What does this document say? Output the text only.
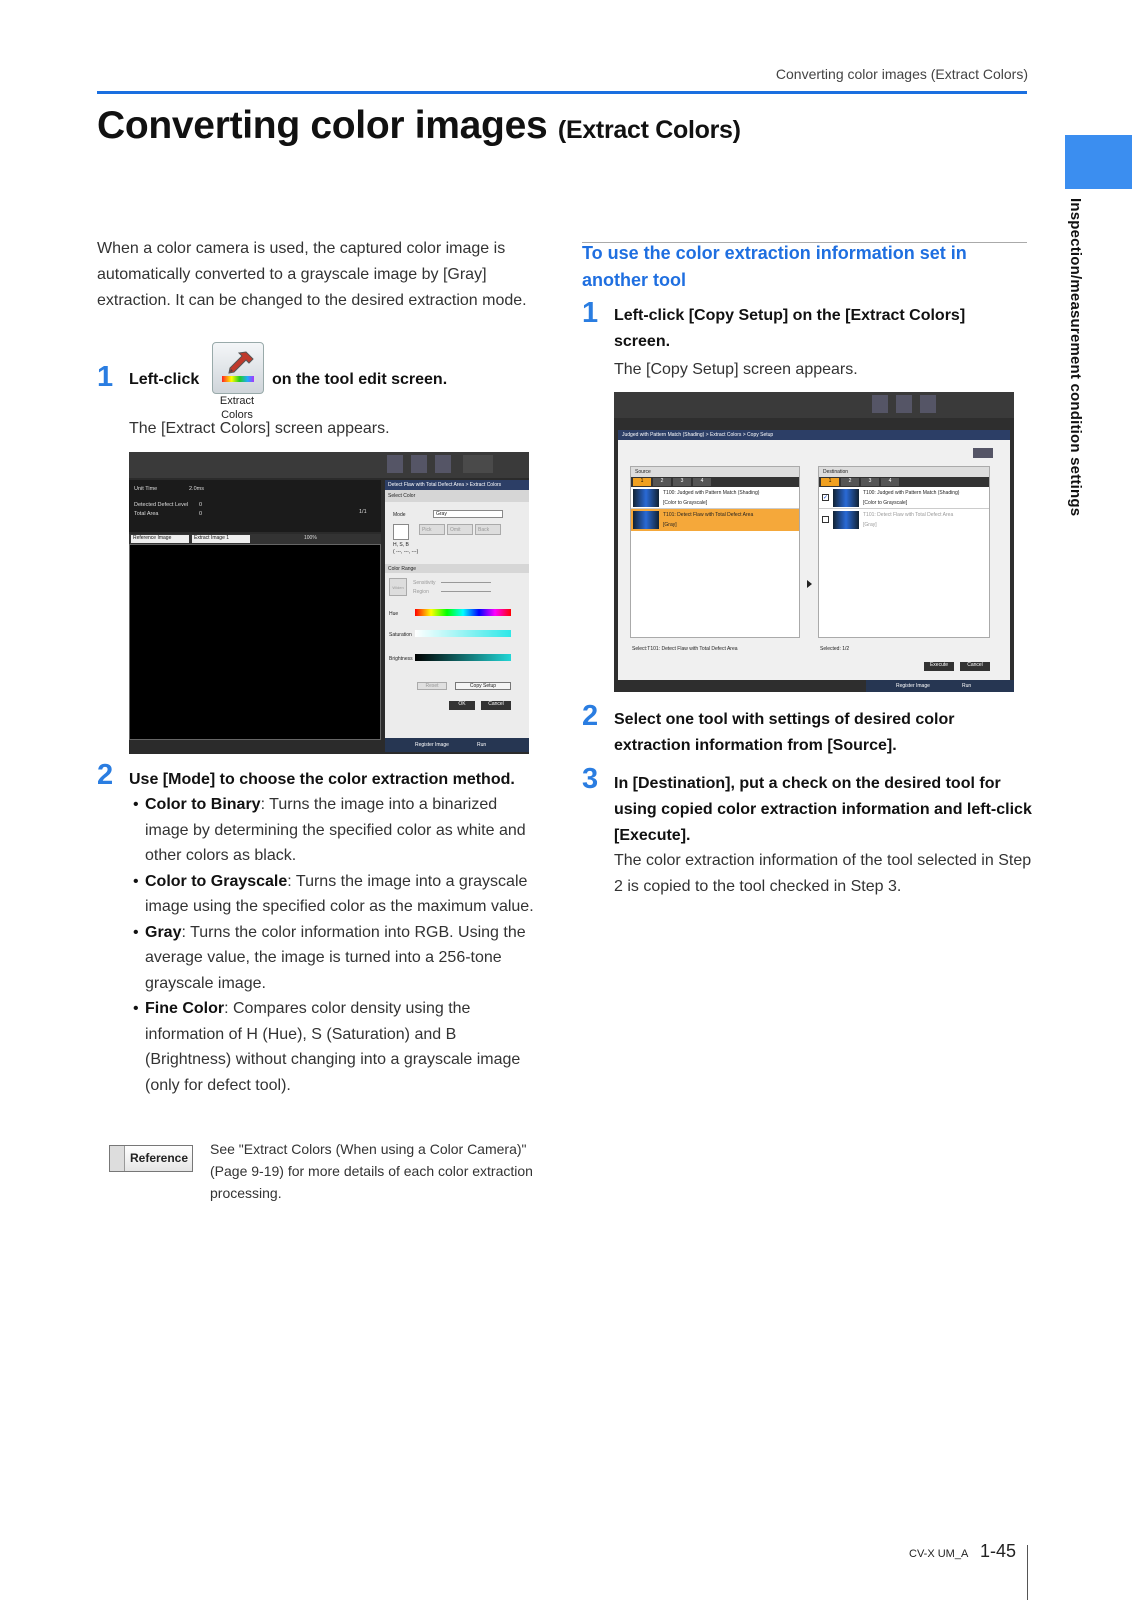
Converting color images (Extract Colors)
Converting color images (Extract Colors)
Inspection/measurement condition settings
When a color camera is used, the captured color image is automatically converted to a grayscale image by [Gray] extraction. It can be changed to the desired extraction mode.
1 Left-click
Extract Colors
on the tool edit screen.
The [Extract Colors] screen appears.
Unit Time	2.0ms
Detected Defect Level 0
Total Area	0	1/1
Reference Image	Extract Image 1	100%
Detect Flaw with Total Defect Area > Extract Colors
Select Color
Mode	Gray
Pick	Omit	Back
H, S, B
( ---, ---, ---)
Color Range
Widen
Sensitivity
Region
Hue
Saturation
Brightness
Reset	Copy Setup
OK	Cancel
Register Image	Run
2 Use [Mode] to choose the color extraction method.
• Color to Binary: Turns the image into a binarized image by determining the specified color as white and other colors as black.
• Color to Grayscale: Turns the image into a grayscale image using the specified color as the maximum value.
• Gray: Turns the color information into RGB. Using the average value, the image is turned into a 256-tone grayscale image.
• Fine Color: Compares color density using the information of H (Hue), S (Saturation) and B (Brightness) without changing into a grayscale image (only for defect tool).
Reference
See "Extract Colors (When using a Color Camera)" (Page 9-19) for more details of each color extraction processing.
To use the color extraction information set in another tool
1 Left-click [Copy Setup] on the [Extract Colors] screen.
The [Copy Setup] screen appears.
Judged with Pattern Match (Shading) > Extract Colors > Copy Setup
Source
1	2	3	4
T100: Judged with Pattern Match (Shading)
[Color to Grayscale]
T101: Detect Flaw with Total Defect Area
[Gray]
Destination
1	2	3	4
✓
T100: Judged with Pattern Match (Shading)
[Color to Grayscale]
T101: Detect Flaw with Total Defect Area
[Gray]
Select:T101: Detect Flaw with Total Defect Area	Selected: 1/2
Execute	Cancel
Register Image	Run
2 Select one tool with settings of desired color extraction information from [Source].
3 In [Destination], put a check on the desired tool for using copied color extraction information and left-click [Execute].
The color extraction information of the tool selected in Step 2 is copied to the tool checked in Step 3.
CV-X UM_A 1-45
